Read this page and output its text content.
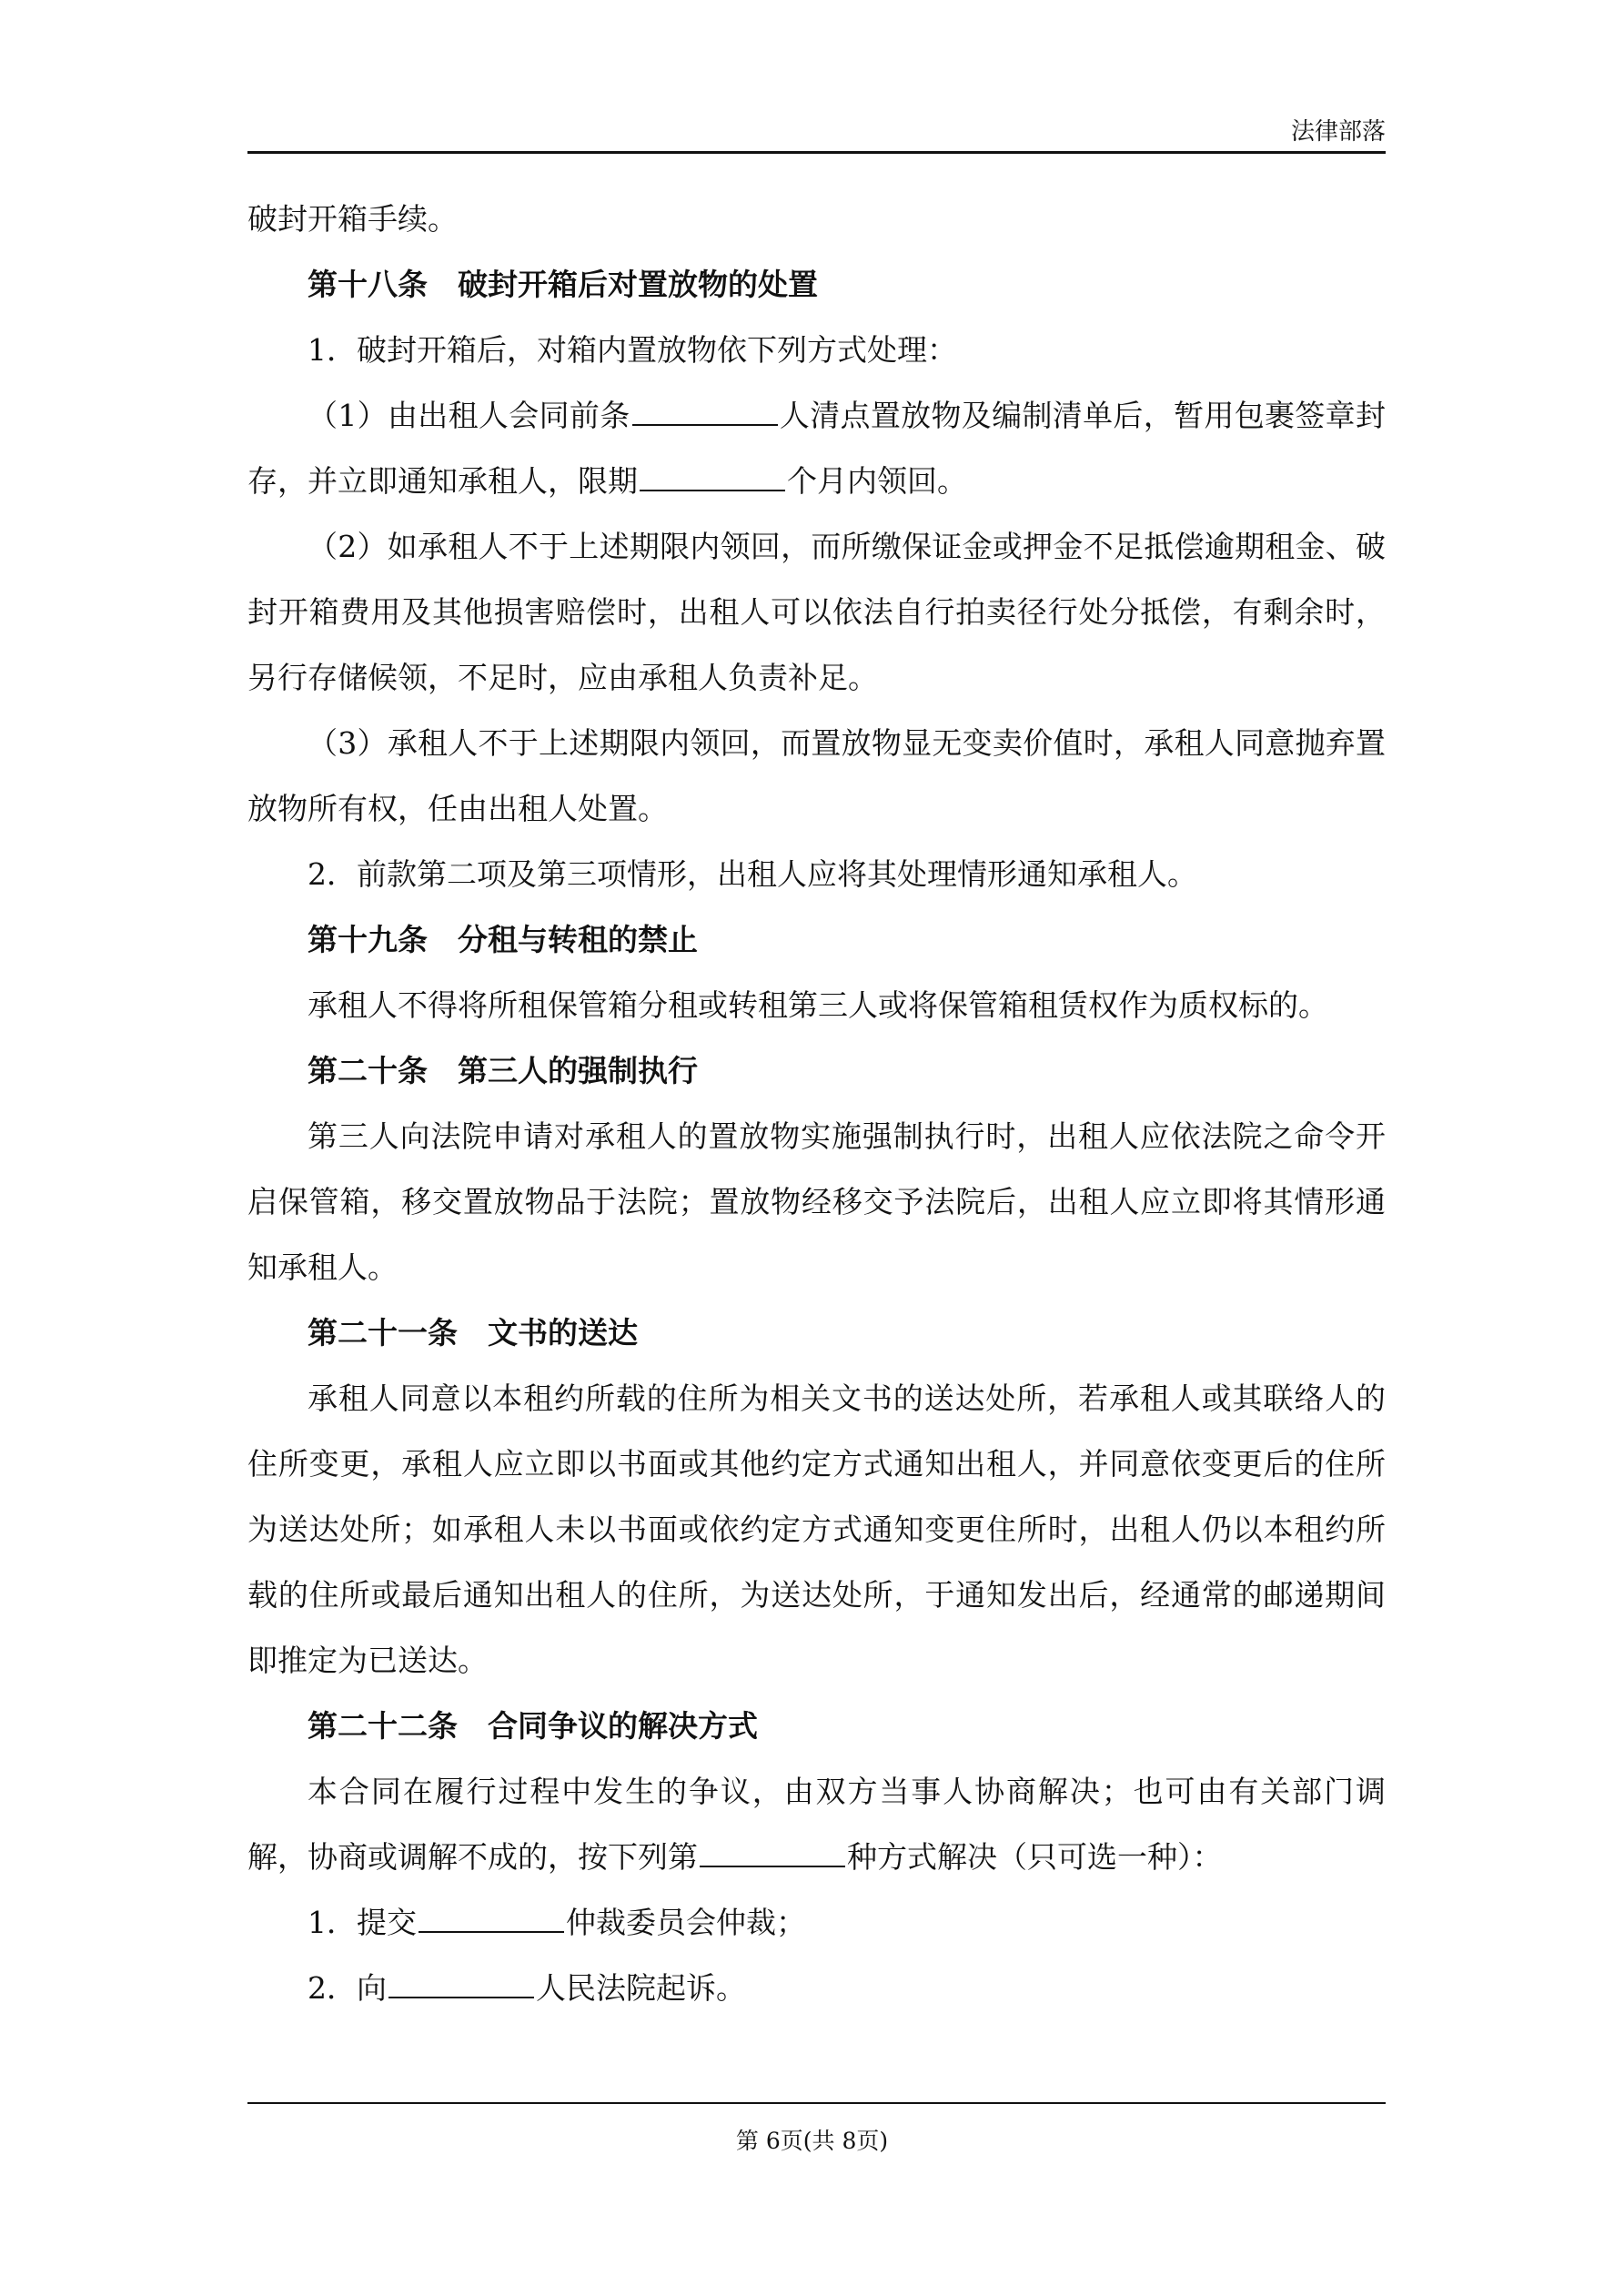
法律部落

破封开箱手续。

第十八条　破封开箱后对置放物的处置

1．破封开箱后，对箱内置放物依下列方式处理：

（1）由出租人会同前条	人清点置放物及编制清单后，暂用包裹签章封存，并立即通知承租人，限期	个月内领回。

（2）如承租人不于上述期限内领回，而所缴保证金或押金不足抵偿逾期租金、破封开箱费用及其他损害赔偿时，出租人可以依法自行拍卖径行处分抵偿，有剩余时，另行存储候领，不足时，应由承租人负责补足。

（3）承租人不于上述期限内领回，而置放物显无变卖价值时，承租人同意抛弃置放物所有权，任由出租人处置。

2．前款第二项及第三项情形，出租人应将其处理情形通知承租人。

第十九条　分租与转租的禁止

承租人不得将所租保管箱分租或转租第三人或将保管箱租赁权作为质权标的。

第二十条　第三人的强制执行

第三人向法院申请对承租人的置放物实施强制执行时，出租人应依法院之命令开启保管箱，移交置放物品于法院；置放物经移交予法院后，出租人应立即将其情形通知承租人。

第二十一条　文书的送达

承租人同意以本租约所载的住所为相关文书的送达处所，若承租人或其联络人的住所变更，承租人应立即以书面或其他约定方式通知出租人，并同意依变更后的住所为送达处所；如承租人未以书面或依约定方式通知变更住所时，出租人仍以本租约所载的住所或最后通知出租人的住所，为送达处所，于通知发出后，经通常的邮递期间即推定为已送达。

第二十二条　合同争议的解决方式

本合同在履行过程中发生的争议，由双方当事人协商解决；也可由有关部门调解，协商或调解不成的，按下列第	种方式解决（只可选一种）：

1．提交	仲裁委员会仲裁；

2．向	人民法院起诉。

第 6页(共 8页)
